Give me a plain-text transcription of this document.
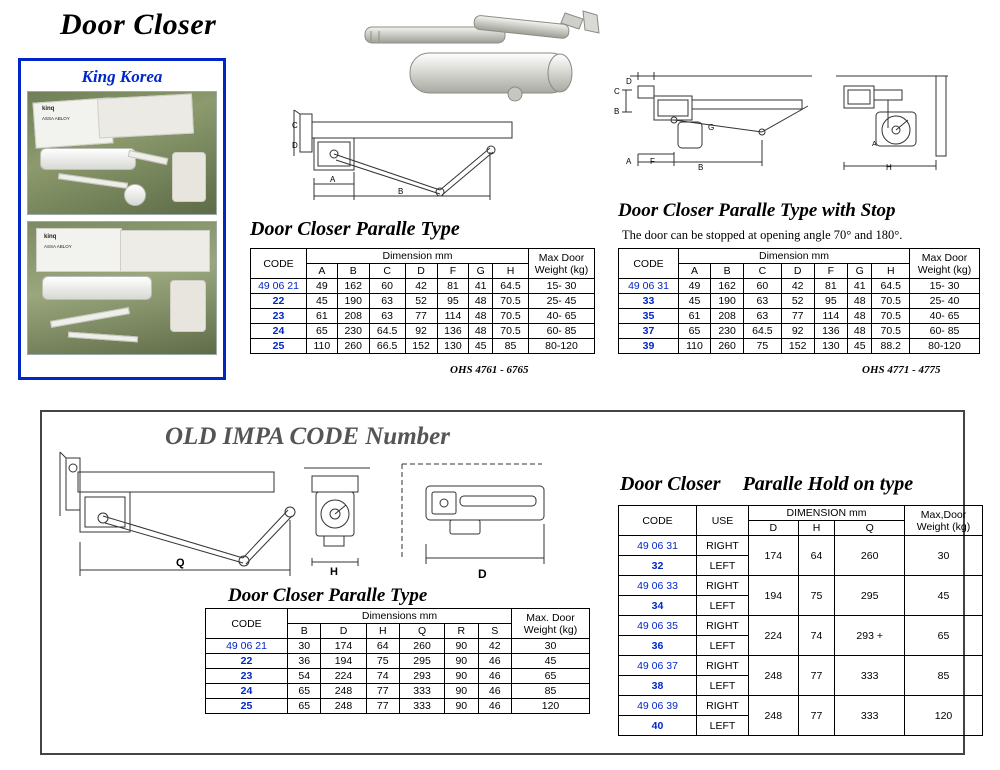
Door Closer
King Korea
kinq
ASSA ABLOY
kinq
ASSA ABLOY
A
B
C
D
Door Closer Paralle Type
D
C
B
A F
B
G
H
A
Door Closer Paralle Type with Stop
The door can be stopped at opening angle 70° and 180°.
CODE	Dimension mm							Max Door Weight (kg)
	A	B	C	D	F	G	H	
49 06 21	49	162	60	42	81	41	64.5	15- 30
22	45	190	63	52	95	48	70.5	25- 45
23	61	208	63	77	114	48	70.5	40- 65
24	65	230	64.5	92	136	48	70.5	60- 85
25	110	260	66.5	152	130	45	85	80-120
OHS 4761 - 6765
CODE	Dimension mm							Max Door Weight (kg)
	A	B	C	D	F	G	H	
49 06 31	49	162	60	42	81	41	64.5	15- 30
33	45	190	63	52	95	48	70.5	25- 40
35	61	208	63	77	114	48	70.5	40- 65
37	65	230	64.5	92	136	48	70.5	60- 85
39	110	260	75	152	130	45	88.2	80-120
OHS 4771 - 4775
OLD IMPA CODE Number
Q
H	D
Door Closer Paralle Type
CODE	Dimensions mm						Max. Door Weight (kg)
	B	D	H	Q	R	S	
49 06 21	30	174	64	260	90	42	30
22	36	194	75	295	90	46	45
23	54	224	74	293	90	46	65
24	65	248	77	333	90	46	85
25	65	248	77	333	90	46	120
Door Closer Paralle Hold on type
CODE	USE	DIMENSION mm			Max,Door Weight (kg)
		D	H	Q	
49 06 31	RIGHT	174	64	260	30
32	LEFT				
49 06 33	RIGHT	194	75	295	45
34	LEFT				
49 06 35	RIGHT	224	74	293 +	65
36	LEFT				
49 06 37	RIGHT	248	77	333	85
38	LEFT				
49 06 39	RIGHT	248	77	333	120
40	LEFT				
